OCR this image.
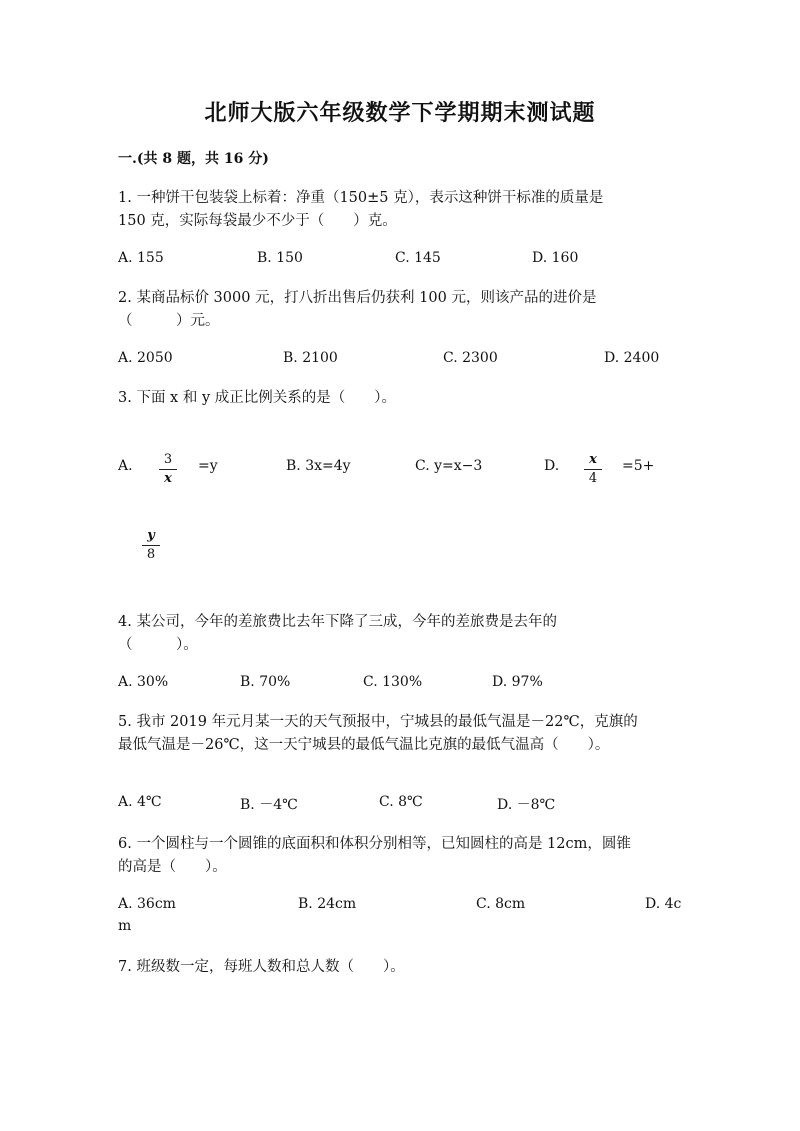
北师大版六年级数学下学期期末测试题
一.(共 8 题，共 16 分)
1. 一种饼干包装袋上标着：净重（150±5 克），表示这种饼干标准的质量是
150 克，实际每袋最少不少于（　　）克。
A. 155	B. 150	C. 145	D. 160
2. 某商品标价 3000 元，打八折出售后仍获利 100 元，则该产品的进价是
（　　　）元。
A. 2050	B. 2100	C. 2300	D. 2400
3. 下面 x 和 y 成正比例关系的是（　　）。
A.	3
x
=y	B. 3x=4y	C. y=x−3	D.	x
4
=5+
y
8
4. 某公司，今年的差旅费比去年下降了三成，今年的差旅费是去年的
（　　　）。
A. 30%	B. 70%	C. 130%	D. 97%
5. 我市 2019 年元月某一天的天气预报中，宁城县的最低气温是－22℃，克旗的
最低气温是－26℃，这一天宁城县的最低气温比克旗的最低气温高（　　）。
A. 4℃	B. －4℃	C. 8℃	D. －8℃
6. 一个圆柱与一个圆锥的底面积和体积分别相等，已知圆柱的高是 12cm，圆锥
的高是（　　）。
A. 36cm	B. 24cm	C. 8cm	D. 4c
m
7. 班级数一定，每班人数和总人数（　　）。
